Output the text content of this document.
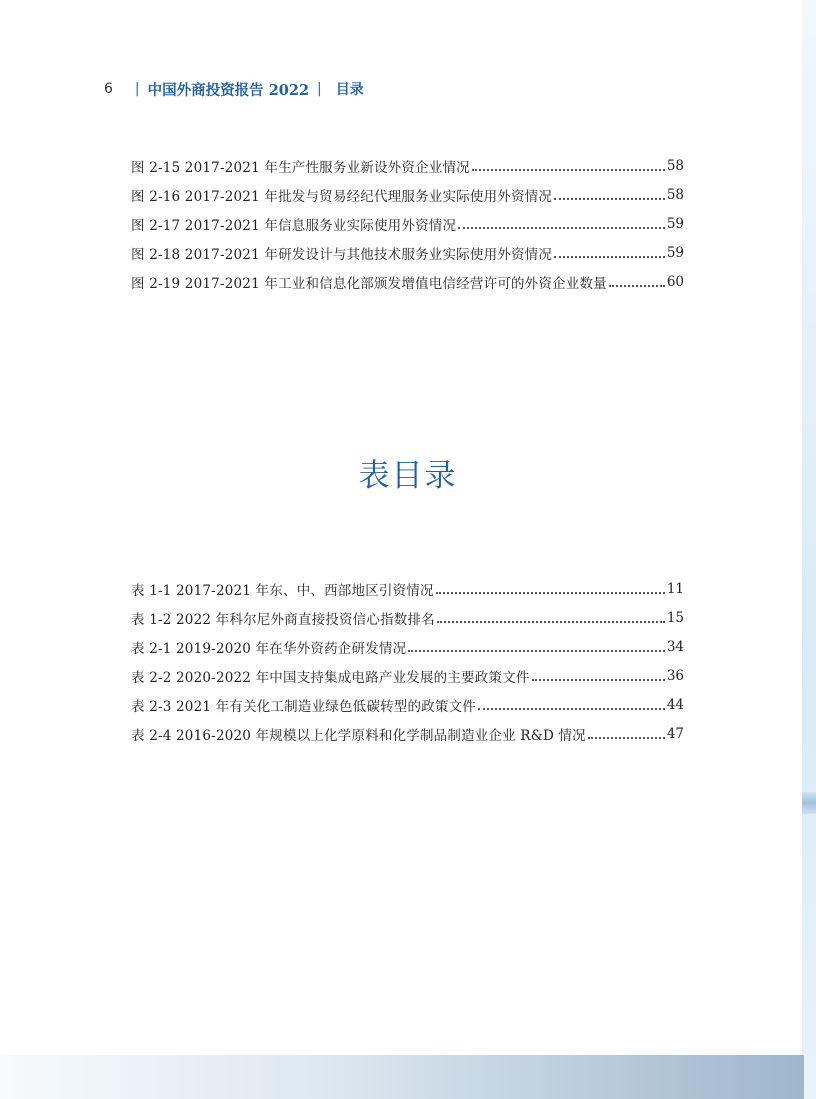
6 | 中国外商投资报告 2022 | 目录
图 2-15 2017-2021 年生产性服务业新设外资企业情况	58
图 2-16 2017-2021 年批发与贸易经纪代理服务业实际使用外资情况	58
图 2-17 2017-2021 年信息服务业实际使用外资情况	59
图 2-18 2017-2021 年研发设计与其他技术服务业实际使用外资情况	59
图 2-19 2017-2021 年工业和信息化部颁发增值电信经营许可的外资企业数量	60
表目录
表 1-1 2017-2021 年东、中、西部地区引资情况	11
表 1-2 2022 年科尔尼外商直接投资信心指数排名	15
表 2-1 2019-2020 年在华外资药企研发情况	34
表 2-2 2020-2022 年中国支持集成电路产业发展的主要政策文件	36
表 2-3 2021 年有关化工制造业绿色低碳转型的政策文件	44
表 2-4 2016-2020 年规模以上化学原料和化学制品制造业企业 R&D 情况	47
